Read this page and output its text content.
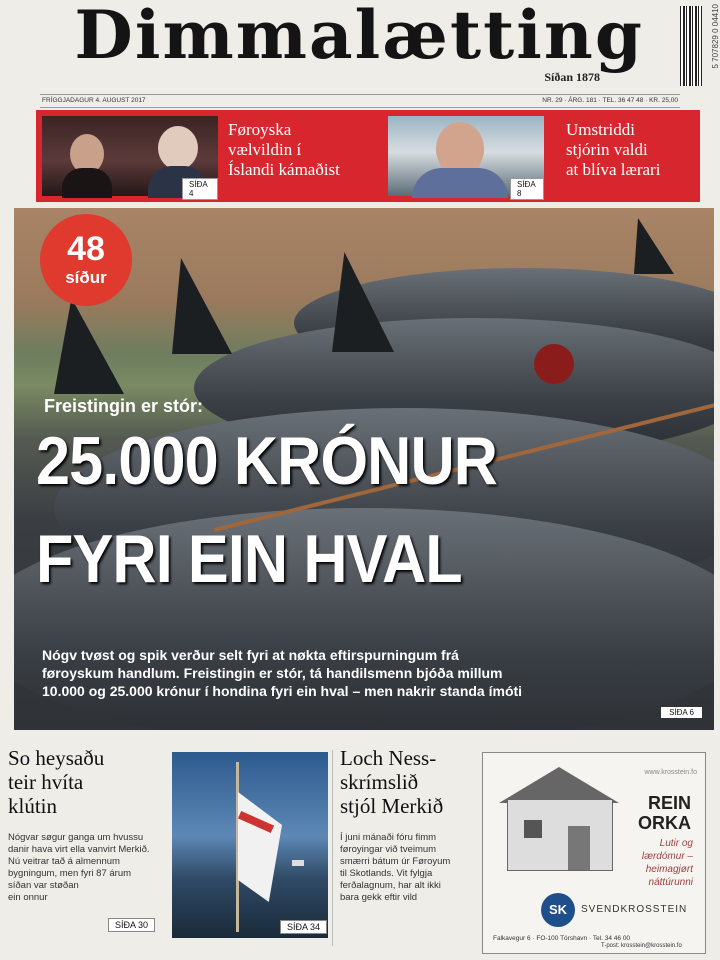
Dimmalætting
Síðan 1878
5 707829 0 04410
FRÍGGJADAGUR 4. AUGUST 2017	NR. 29 · ÁRG. 181 · TEL. 36 47 48 · KR. 25,00
SÍÐA 4
Føroyska
vælvildin í
Íslandi kámaðist
SÍÐA 8
Umstriddi
stjórin valdi
at blíva lærari
48
síður
Freistingin er stór:
25.000 KRÓNUR
FYRI EIN HVAL
Nógv tvøst og spik verður selt fyri at nøkta eftirspurningum frá
føroyskum handlum. Freistingin er stór, tá handilsmenn bjóða millum
10.000 og 25.000 krónur í hondina fyri ein hval – men nakrir standa ímóti
SÍÐA 6
So heysaðu
teir hvíta
klútin
Nógvar søgur ganga um hvussu
danir hava virt ella vanvirt Merkið.
Nú veitrar tað á almennum
bygningum, men fyri 87 árum
síðan var støðan
ein onnur
SÍÐA 30	SÍÐA 34
Loch Ness-
skrímslið
stjól Merkið
Í juni mánaði fóru fimm
føroyingar við tveimum
smærri bátum úr Føroyum
til Skotlands. Vit fylgja
ferðalagnum, har alt ikki
bara gekk eftir vild
www.krosstein.fo
REIN
ORKA
Lutir og lærdómur – heimagjørt náttúrunni
SK	SVENDKROSSTEIN
Falkavegur 6 · FO-100 Tórshavn · Tel. 34 46 00
T-post: krosstein@krosstein.fo
